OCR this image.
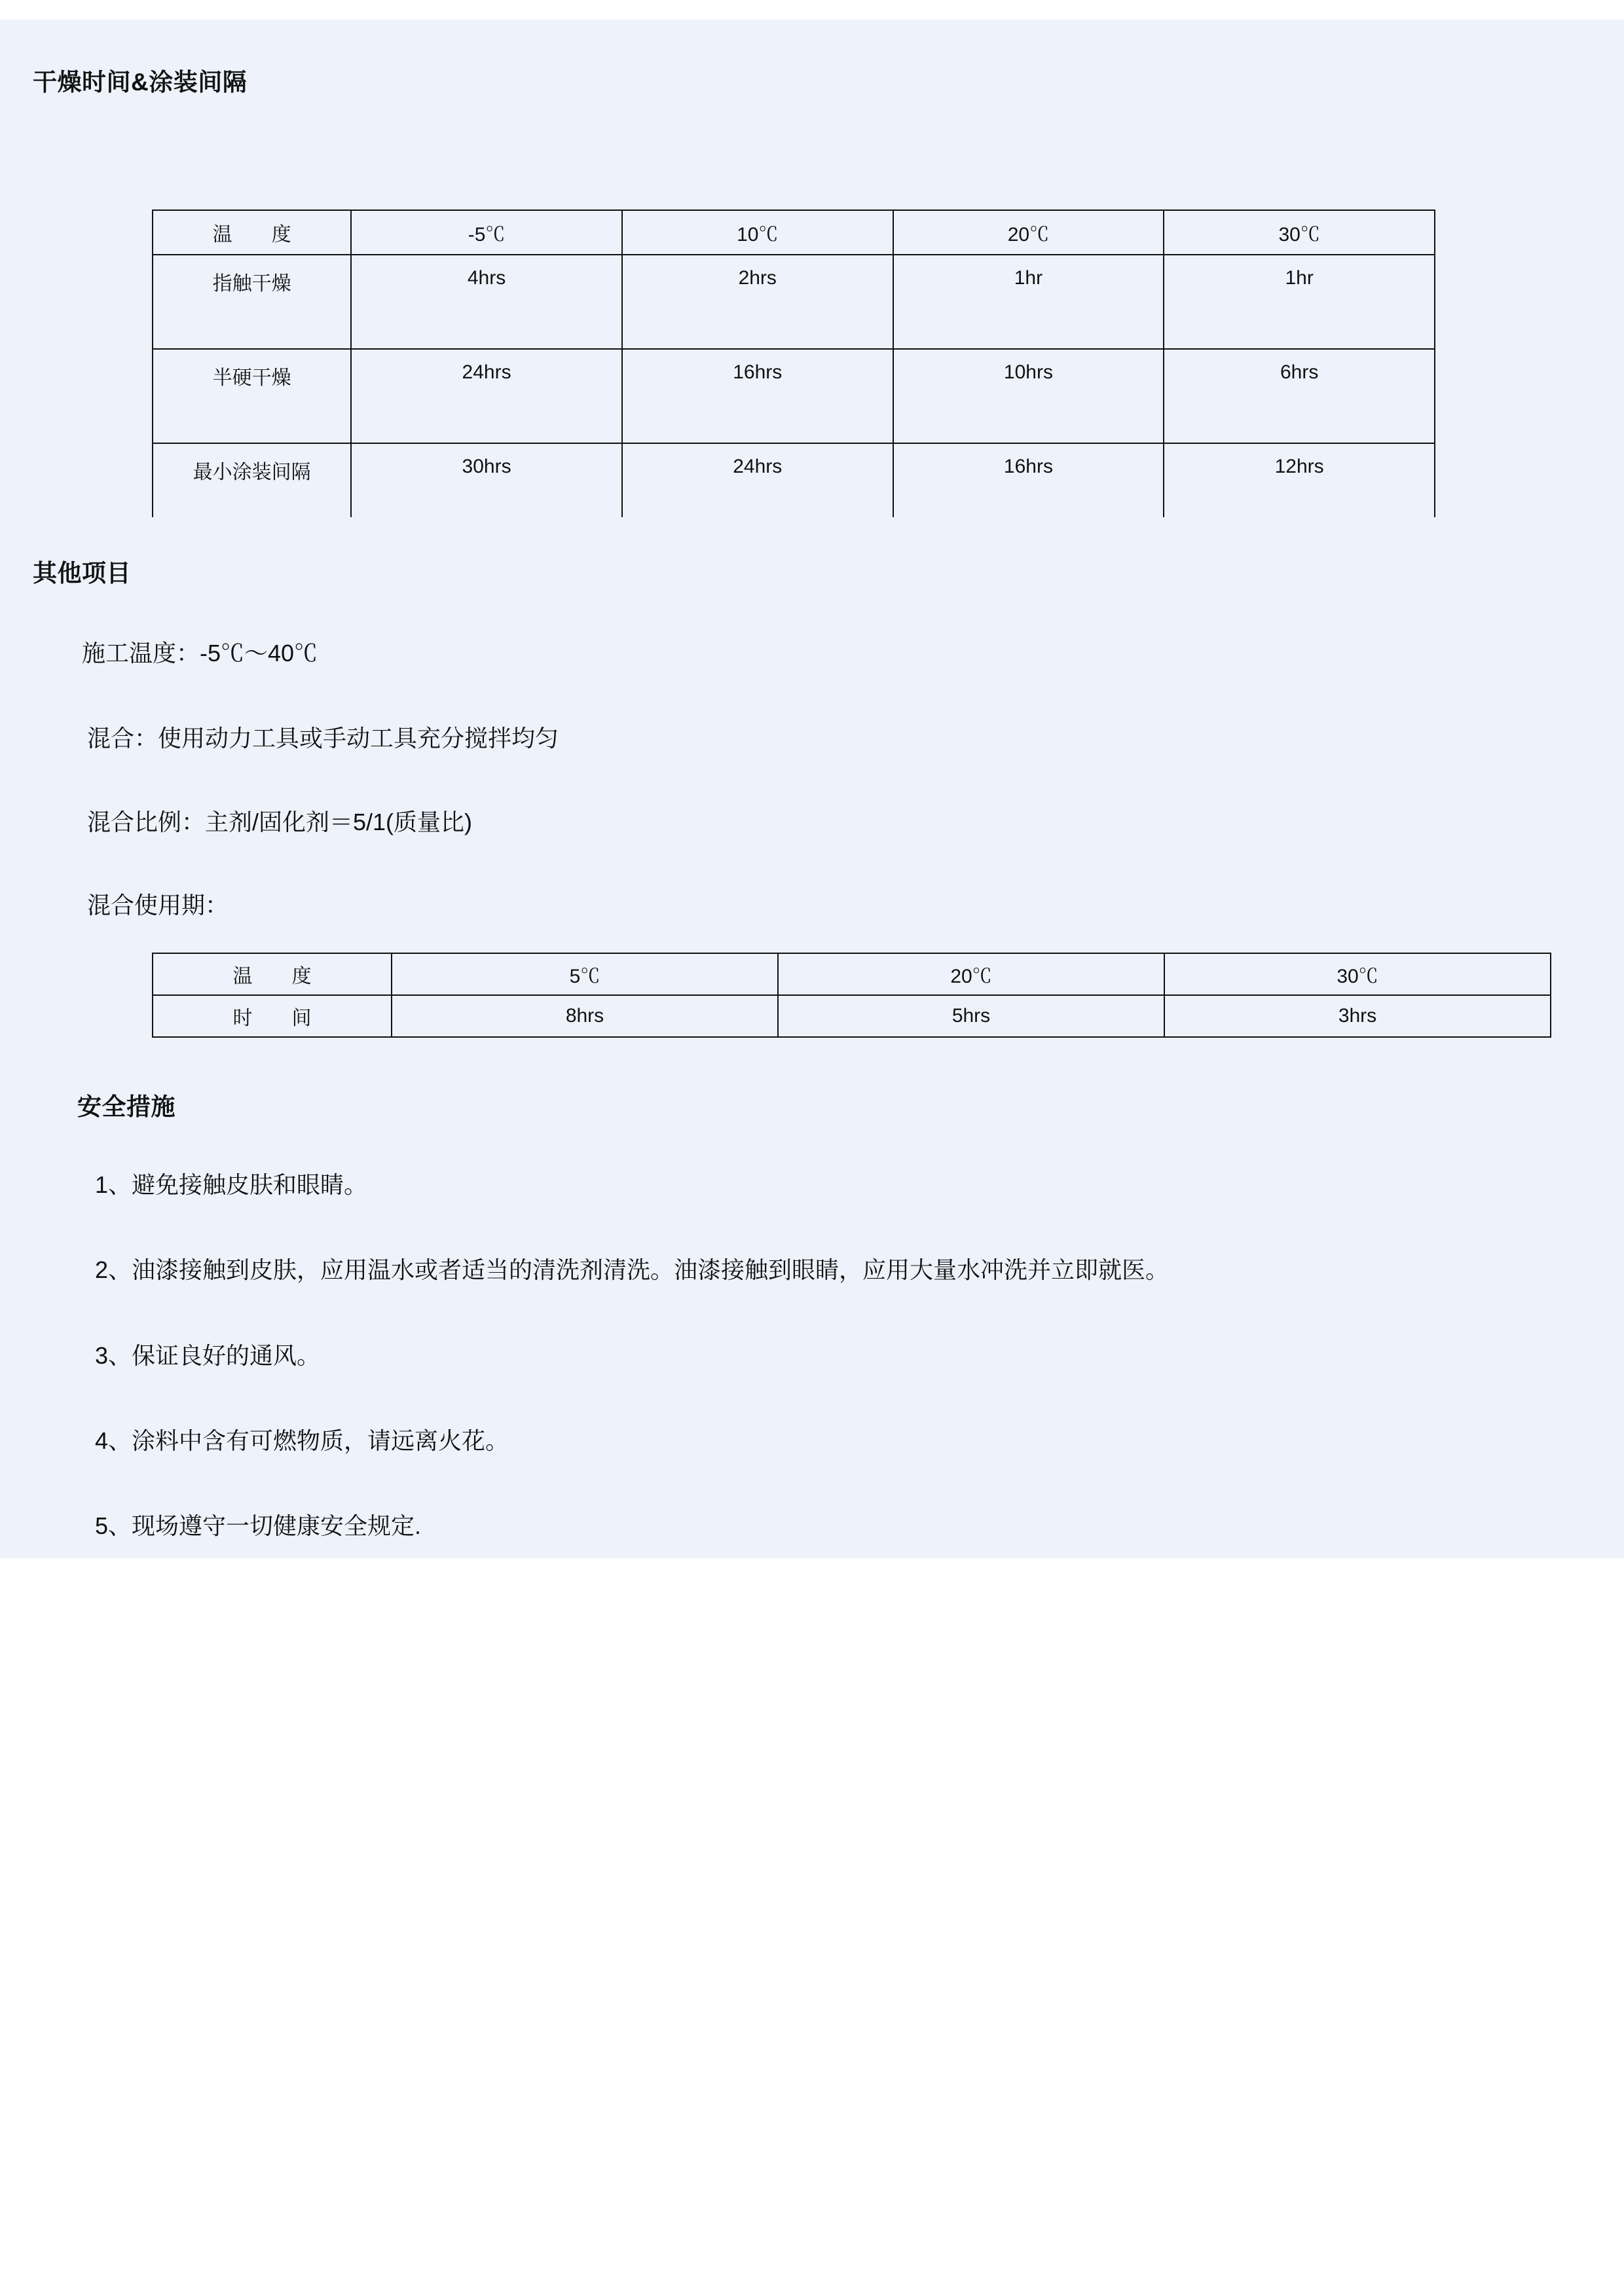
干燥时间&涂装间隔
温　　度	-5℃	10℃	20℃	30℃
指触干燥	4hrs	2hrs	1hr	1hr
半硬干燥	24hrs	16hrs	10hrs	6hrs
最小涂装间隔	30hrs	24hrs	16hrs	12hrs
其他项目
施工温度：-5℃～40℃
混合：使用动力工具或手动工具充分搅拌均匀
混合比例：主剂/固化剂＝5/1(质量比)
混合使用期：
温　　度	5℃	20℃	30℃
时　　间	8hrs	5hrs	3hrs
安全措施
1、避免接触皮肤和眼睛。
2、油漆接触到皮肤，应用温水或者适当的清洗剂清洗。油漆接触到眼睛，应用大量水冲洗并立即就医。
3、保证良好的通风。
4、涂料中含有可燃物质，请远离火花。
5、现场遵守一切健康安全规定.
